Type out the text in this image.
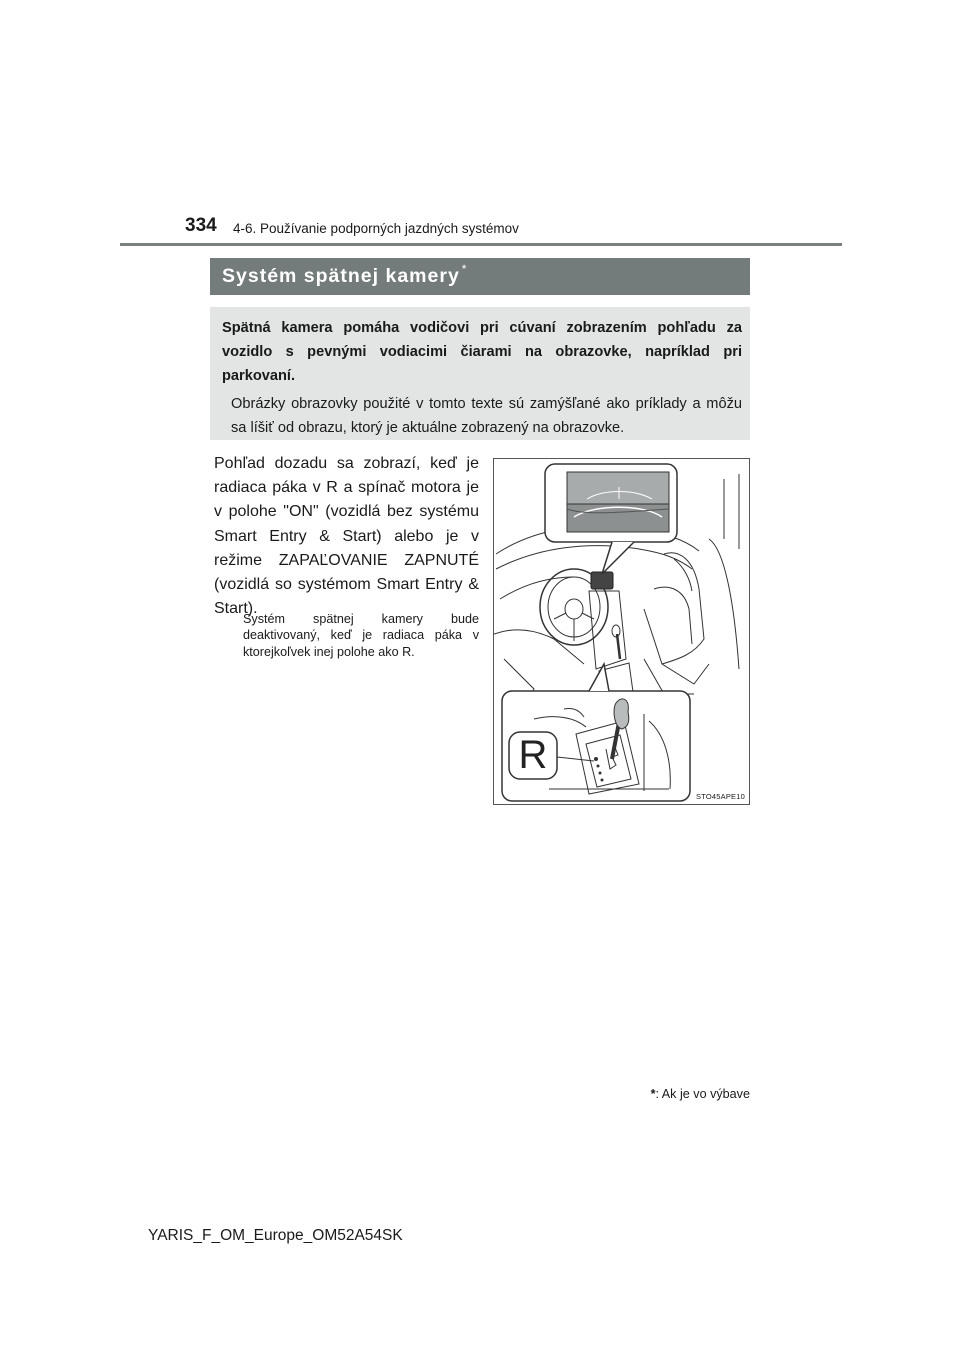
334 4-6. Používanie podporných jazdných systémov
Systém spätnej kamery *

Spätná kamera pomáha vodičovi pri cúvaní zobrazením pohľadu za vozidlo s pevnými vodiacimi čiarami na obrazovke, napríklad pri parkovaní.

Obrázky obrazovky použité v tomto texte sú zamýšľané ako príklady a môžu sa líšiť od obrazu, ktorý je aktuálne zobrazený na obrazovke.

Pohľad dozadu sa zobrazí, keď je radiaca páka v R a spínač motora je v polohe "ON" (vozidlá bez systému Smart Entry & Start) alebo je v režime ZAPAĽOVANIE ZAPNUTÉ (vozidlá so systémom Smart Entry & Start).

Systém spätnej kamery bude deaktivovaný, keď je radiaca páka v ktorejkoľvek inej polohe ako R.

R
STO45APE10
*: Ak je vo výbave
YARIS_F_OM_Europe_OM52A54SK
